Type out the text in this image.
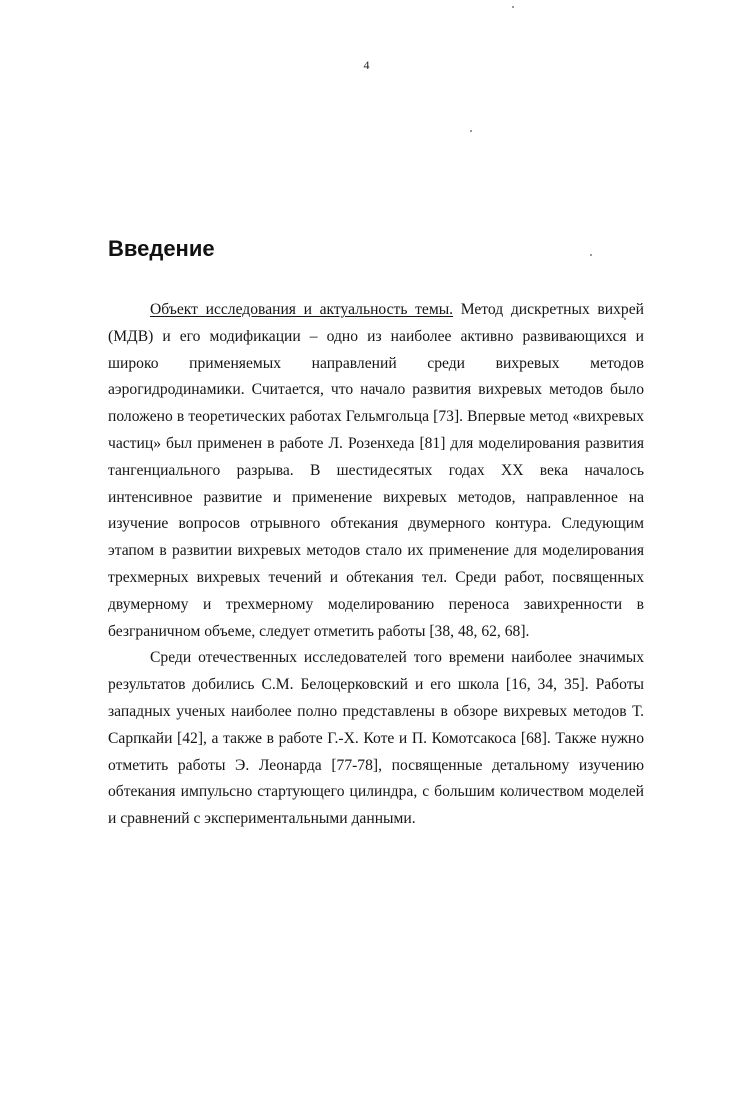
4
Введение

Объект исследования и актуальность темы. Метод дискретных вихрей (МДВ) и его модификации – одно из наиболее активно развивающихся и широко применяемых направлений среди вихревых методов аэрогидродинамики. Считается, что начало развития вихревых методов было положено в теоретических работах Гельмгольца [73]. Впервые метод «вихревых частиц» был применен в работе Л. Розенхеда [81] для моделирования развития тангенциального разрыва. В шестидесятых годах XX века началось интенсивное развитие и применение вихревых методов, направленное на изучение вопросов отрывного обтекания двумерного контура. Следующим этапом в развитии вихревых методов стало их применение для моделирования трехмерных вихревых течений и обтекания тел. Среди работ, посвященных двумерному и трехмерному моделированию переноса завихренности в безграничном объеме, следует отметить работы [38, 48, 62, 68].

Среди отечественных исследователей того времени наиболее значимых результатов добились С.М. Белоцерковский и его школа [16, 34, 35]. Работы западных ученых наиболее полно представлены в обзоре вихревых методов Т. Сарпкайи [42], а также в работе Г.-Х. Коте и П. Комотсакоса [68]. Также нужно отметить работы Э. Леонарда [77-78], посвященные детальному изучению обтекания импульсно стартующего цилиндра, с большим количеством моделей и сравнений с экспериментальными данными.
